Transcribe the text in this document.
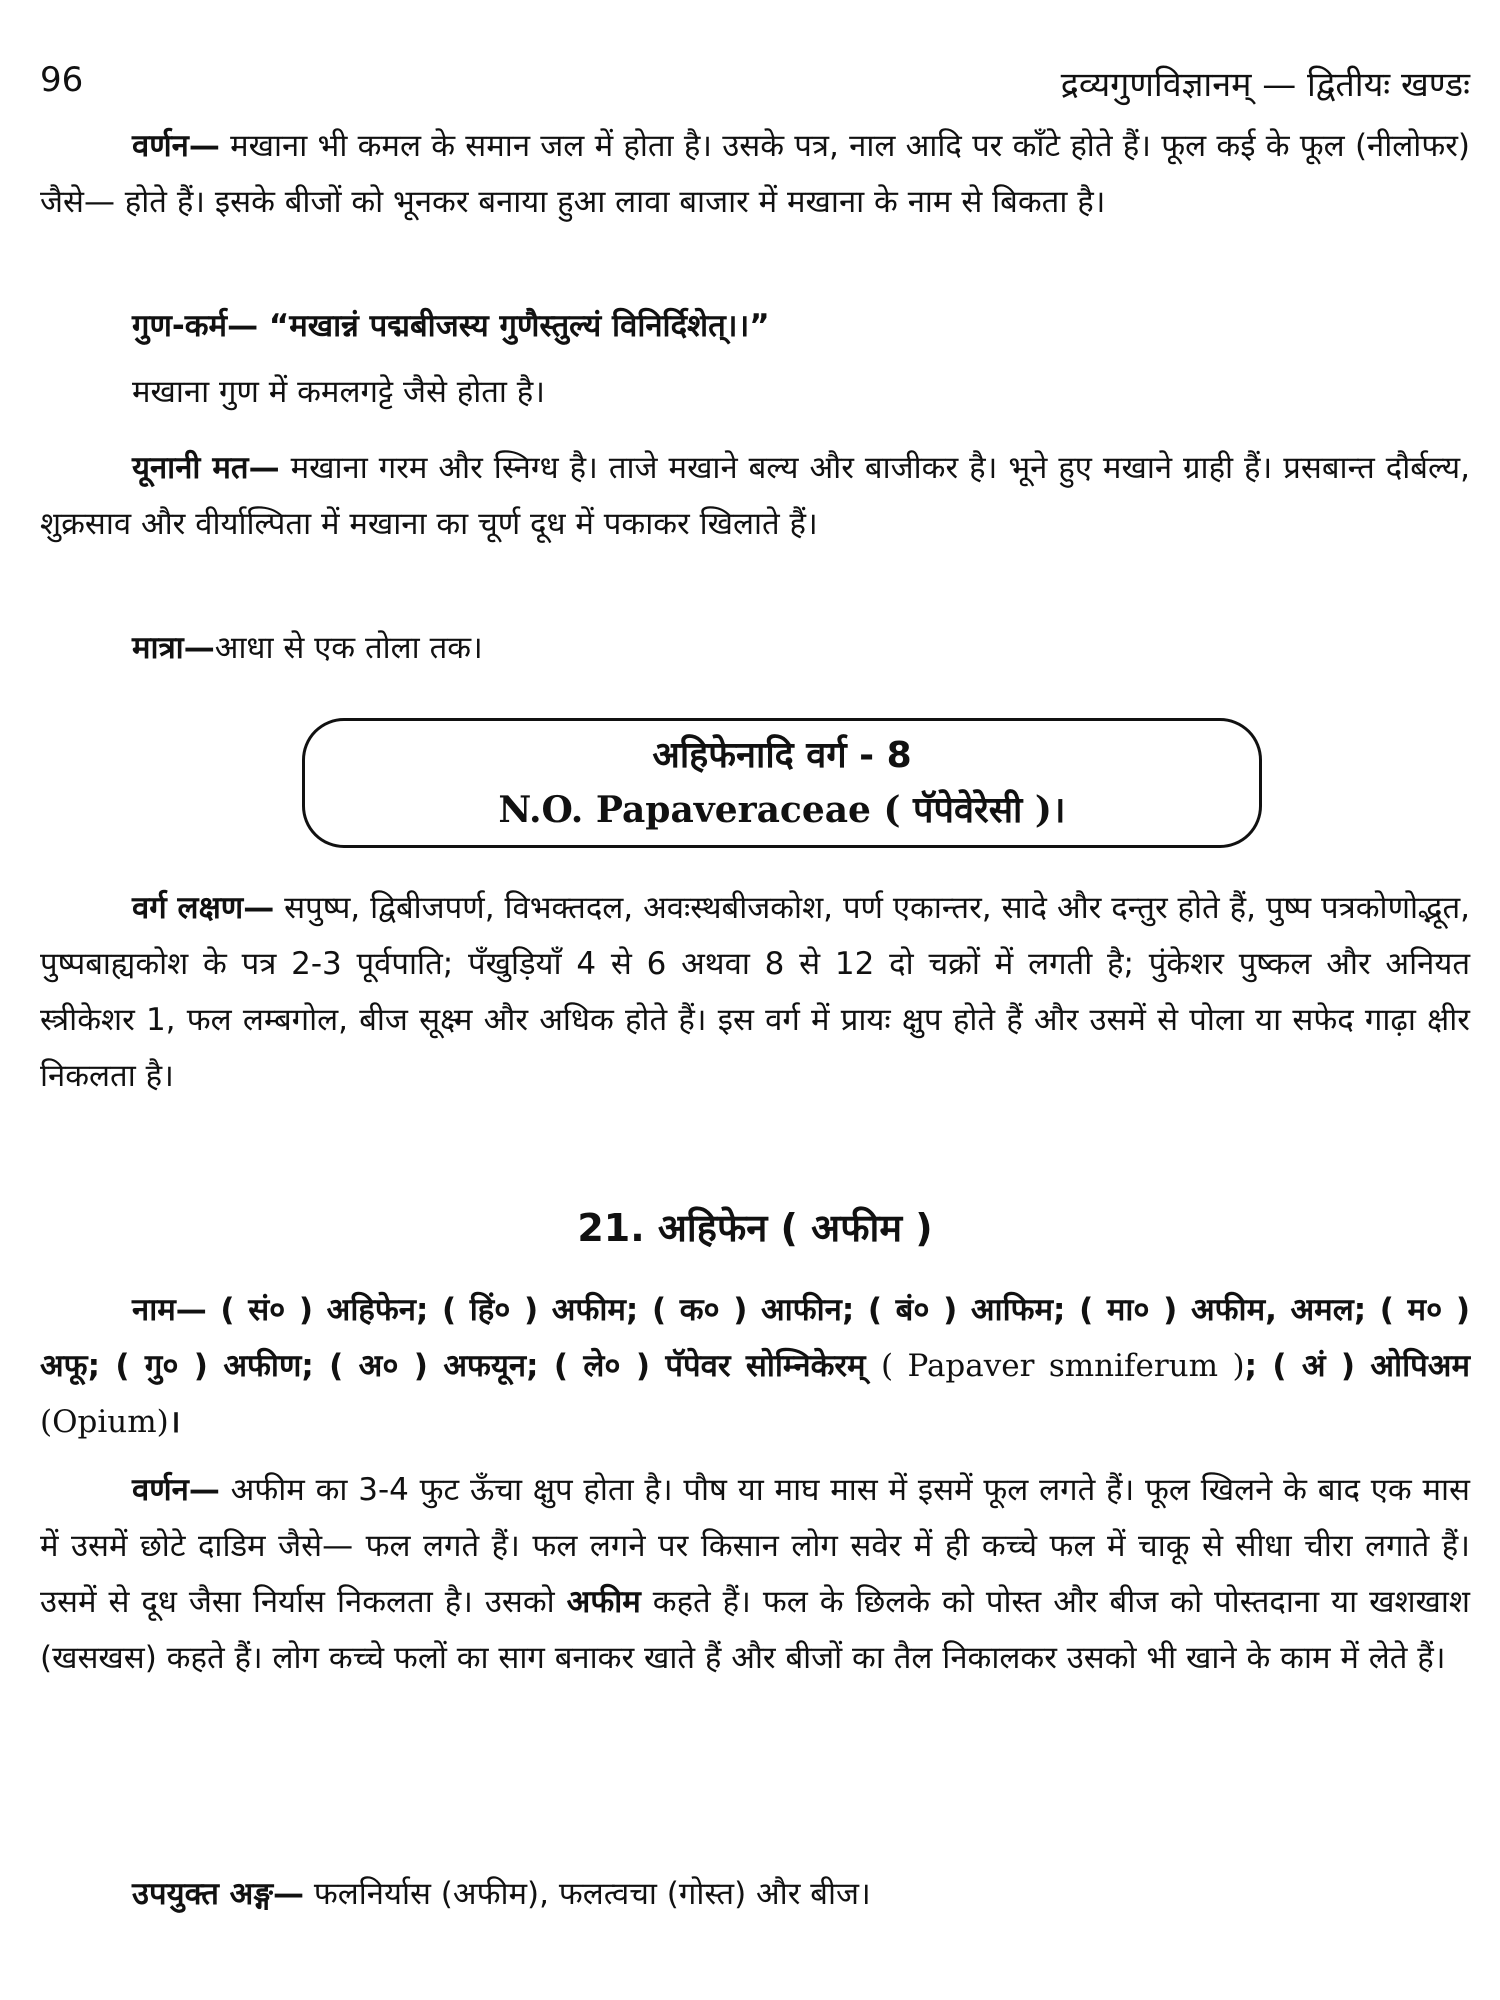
96	द्रव्यगुणविज्ञानम् — द्वितीयः खण्डः

वर्णन— मखाना भी कमल के समान जल में होता है। उसके पत्र, नाल आदि पर काँटे होते हैं। फूल कई के फूल (नीलोफर) जैसे— होते हैं। इसके बीजों को भूनकर बनाया हुआ लावा बाजार में मखाना के नाम से बिकता है।

गुण-कर्म— “मखान्नं पद्मबीजस्य गुणैस्तुल्यं विनिर्दिशेत्।।”

मखाना गुण में कमलगट्टे जैसे होता है।

यूनानी मत— मखाना गरम और स्निग्ध है। ताजे मखाने बल्य और बाजीकर है। भूने हुए मखाने ग्राही हैं। प्रसबान्त दौर्बल्य, शुक्रसाव और वीर्याल्पिता में मखाना का चूर्ण दूध में पकाकर खिलाते हैं।

मात्रा—आधा से एक तोला तक।

अहिफेनादि वर्ग - 8
N.O. Papaveraceae ( पॅपेवेरेसी )।

वर्ग लक्षण— सपुष्प, द्विबीजपर्ण, विभक्तदल, अवःस्थबीजकोश, पर्ण एकान्तर, सादे और दन्तुर होते हैं, पुष्प पत्रकोणोद्भूत, पुष्पबाह्यकोश के पत्र 2-3 पूर्वपाति; पँखुड़ियाँ 4 से 6 अथवा 8 से 12 दो चक्रों में लगती है; पुंकेशर पुष्कल और अनियत स्त्रीकेशर 1, फल लम्बगोल, बीज सूक्ष्म और अधिक होते हैं। इस वर्ग में प्रायः क्षुप होते हैं और उसमें से पोला या सफेद गाढ़ा क्षीर निकलता है।

21. अहिफेन ( अफीम )

नाम— ( सं० ) अहिफेन; ( हिं० ) अफीम; ( क० ) आफीन; ( बं० ) आफिम; ( मा० ) अफीम, अमल; ( म० ) अफू; ( गु० ) अफीण; ( अ० ) अफयून; ( ले० ) पॅपेवर सोम्निकेरम् ( Papaver smniferum ); ( अं ) ओपिअम (Opium)।

वर्णन— अफीम का 3-4 फुट ऊँचा क्षुप होता है। पौष या माघ मास में इसमें फूल लगते हैं। फूल खिलने के बाद एक मास में उसमें छोटे दाडिम जैसे— फल लगते हैं। फल लगने पर किसान लोग सवेर में ही कच्चे फल में चाकू से सीधा चीरा लगाते हैं। उसमें से दूध जैसा निर्यास निकलता है। उसको अफीम कहते हैं। फल के छिलके को पोस्त और बीज को पोस्तदाना या खशखाश (खसखस) कहते हैं। लोग कच्चे फलों का साग बनाकर खाते हैं और बीजों का तैल निकालकर उसको भी खाने के काम में लेते हैं।

उपयुक्त अङ्ग— फलनिर्यास (अफीम), फलत्वचा (गोस्त) और बीज।
